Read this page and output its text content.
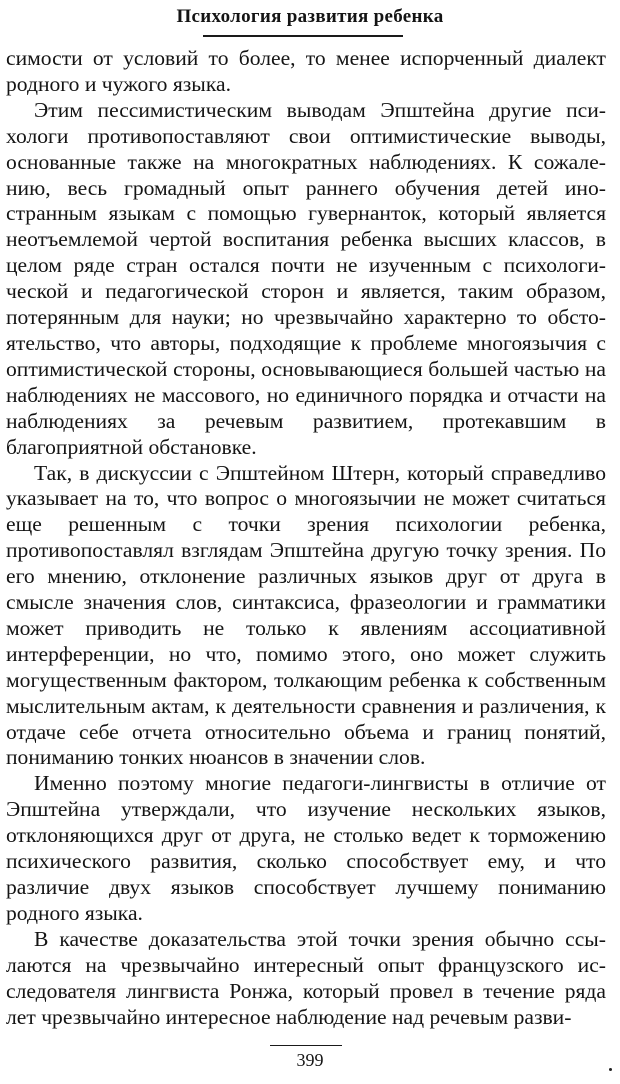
Психология развития ребенка

симости от условий то более, то менее испорченный диалект родного и чужого языка.

Этим пессимистическим выводам Эпштейна другие психологи противопоставляют свои оптимистические выводы, основанные также на многократных наблюдениях. К сожалению, весь громадный опыт раннего обучения детей иностранным языкам с помощью гувернанток, который является неотъемлемой чертой воспитания ребенка высших классов, в целом ряде стран остался почти не изученным с психологической и педагогической сторон и является, таким образом, потерянным для науки; но чрезвычайно характерно то обстоятельство, что авторы, подходящие к проблеме многоязычия с оптимистической стороны, основывающиеся большей частью на наблюдениях не массового, но единичного порядка и отчасти на наблюдениях за речевым развитием, протекавшим в благоприятной обстановке.

Так, в дискуссии с Эпштейном Штерн, который справедливо указывает на то, что вопрос о многоязычии не может считаться еще решенным с точки зрения психологии ребенка, противопоставлял взглядам Эпштейна другую точку зрения. По его мнению, отклонение различных языков друг от друга в смысле значения слов, синтаксиса, фразеологии и грамматики может приводить не только к явлениям ассоциативной интерференции, но что, помимо этого, оно может служить могущественным фактором, толкающим ребенка к собственным мыслительным актам, к деятельности сравнения и различения, к отдаче себе отчета относительно объема и границ понятий, пониманию тонких нюансов в значении слов.

Именно поэтому многие педагоги-лингвисты в отличие от Эпштейна утверждали, что изучение нескольких языков, отклоняющихся друг от друга, не столько ведет к торможению психического развития, сколько способствует ему, и что различие двух языков способствует лучшему пониманию родного языка.

В качестве доказательства этой точки зрения обычно ссылаются на чрезвычайно интересный опыт французского исследователя лингвиста Ронжа, который провел в течение ряда лет чрезвычайно интересное наблюдение над речевым разви-

399
